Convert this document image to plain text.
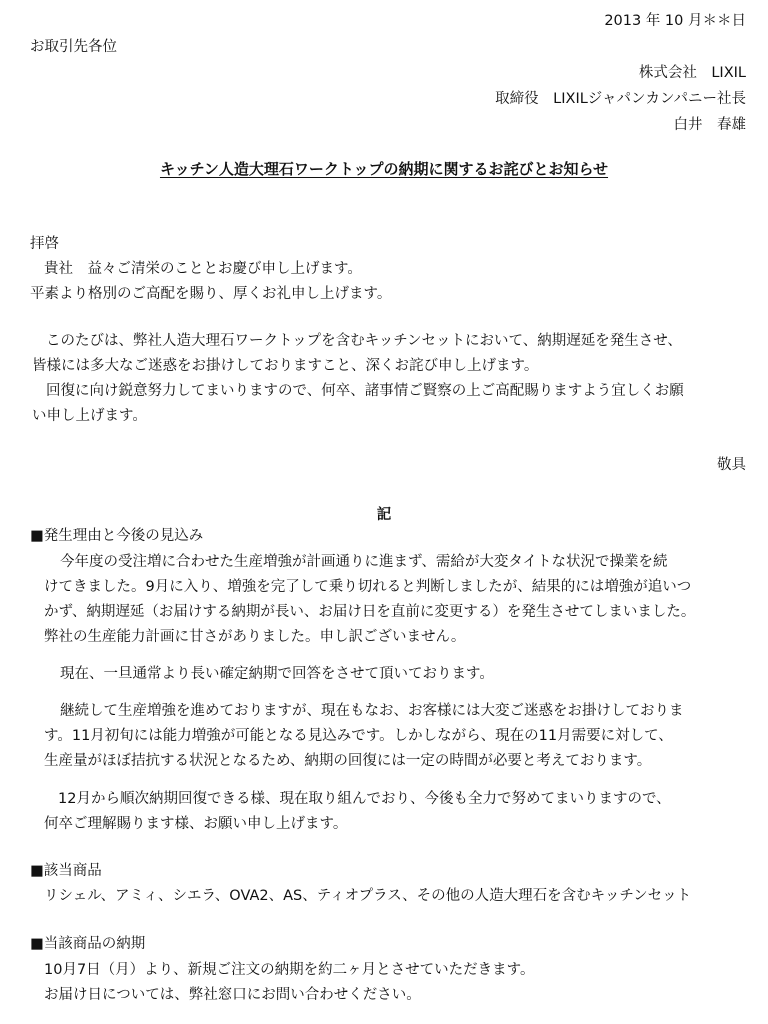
2013 年 10 月＊＊日
お取引先各位
株式会社　LIXIL
取締役　LIXILジャパンカンパニー社長
白井　春雄
キッチン人造大理石ワークトップの納期に関するお詫びとお知らせ
拝啓
貴社　益々ご清栄のこととお慶び申し上げます。
平素より格別のご高配を賜り、厚くお礼申し上げます。
このたびは、弊社人造大理石ワークトップを含むキッチンセットにおいて、納期遅延を発生させ、
皆様には多大なご迷惑をお掛けしておりますこと、深くお詫び申し上げます。
回復に向け鋭意努力してまいりますので、何卒、諸事情ご賢察の上ご高配賜りますよう宜しくお願
い申し上げます。
敬具
記
■発生理由と今後の見込み
今年度の受注増に合わせた生産増強が計画通りに進まず、需給が大変タイトな状況で操業を続
けてきました。9月に入り、増強を完了して乗り切れると判断しましたが、結果的には増強が追いつ
かず、納期遅延（お届けする納期が長い、お届け日を直前に変更する）を発生させてしまいました。
弊社の生産能力計画に甘さがありました。申し訳ございません。
現在、一旦通常より長い確定納期で回答をさせて頂いております。
継続して生産増強を進めておりますが、現在もなお、お客様には大変ご迷惑をお掛けしておりま
す。11月初旬には能力増強が可能となる見込みです。しかしながら、現在の11月需要に対して、
生産量がほぼ拮抗する状況となるため、納期の回復には一定の時間が必要と考えております。
12月から順次納期回復できる様、現在取り組んでおり、今後も全力で努めてまいりますので、
何卒ご理解賜ります様、お願い申し上げます。
■該当商品
リシェル、アミィ、シエラ、OVA2、AS、ティオプラス、その他の人造大理石を含むキッチンセット
■当該商品の納期
10月7日（月）より、新規ご注文の納期を約二ヶ月とさせていただきます。
お届け日については、弊社窓口にお問い合わせください。
